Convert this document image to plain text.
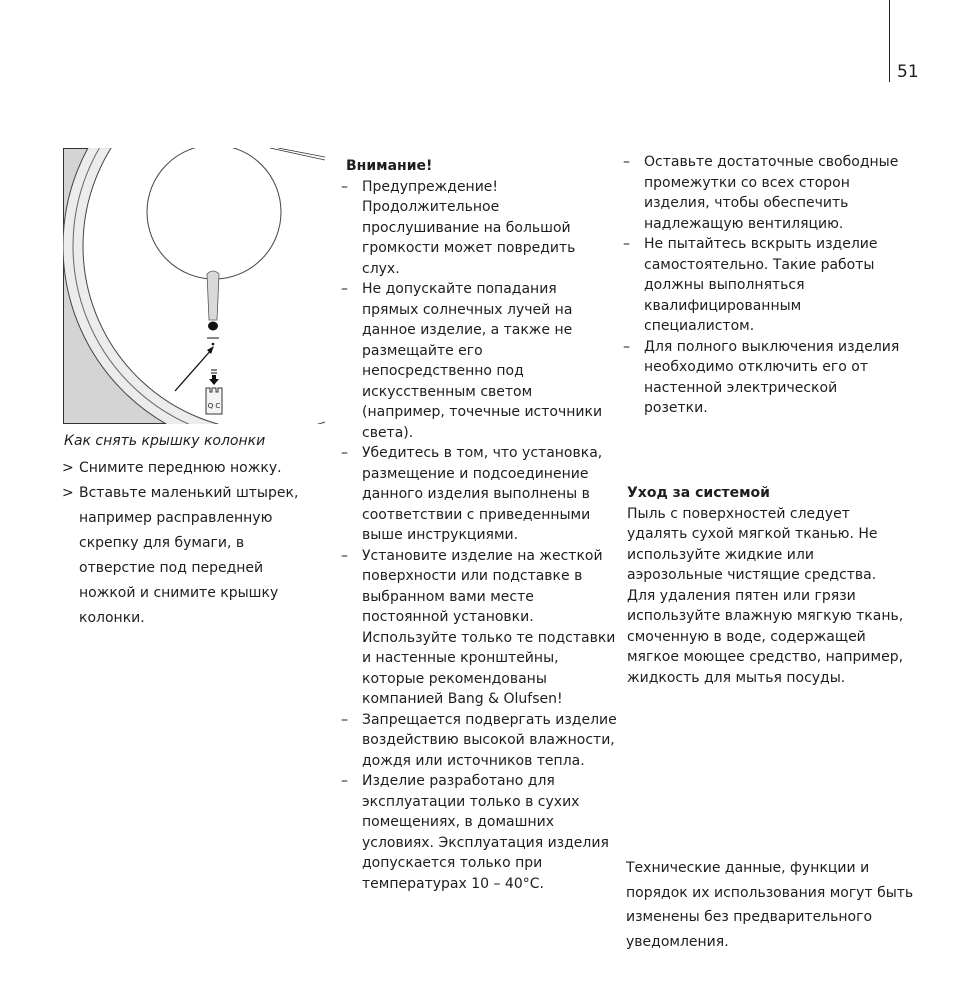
51
Q C
Как снять крышку колонки
> Снимите переднюю ножку.
> Вставьте маленький штырек, например расправленную скрепку для бумаги, в отверстие под передней ножкой и снимите крышку колонки.
Внимание!
– Предупреждение! Продолжительное прослушивание на большой громкости может повредить слух.
– Не допускайте попадания прямых солнечных лучей на данное изделие, а также не размещайте его непосредственно под искусственным светом (например, точечные источники света).
– Убедитесь в том, что установка, размещение и подсоединение данного изделия выполнены в соответствии с приведенными выше инструкциями.
– Установите изделие на жесткой поверхности или подставке в выбранном вами месте постоянной установки. Используйте только те подставки и настенные кронштейны, которые рекомендованы компанией Bang & Olufsen!
– Запрещается подвергать изделие воздействию высокой влажности, дождя или источников тепла.
– Изделие разработано для эксплуатации только в сухих помещениях, в домашних условиях. Эксплуатация изделия допускается только при температурах 10 – 40°C.
– Оставьте достаточные свободные промежутки со всех сторон изделия, чтобы обеспечить надлежащую вентиляцию.
– Не пытайтесь вскрыть изделие самостоятельно. Такие работы должны выполняться квалифицированным специалистом.
– Для полного выключения изделия необходимо отключить его от настенной электрической розетки.
Уход за системой
Пыль с поверхностей следует удалять сухой мягкой тканью. Не используйте жидкие или аэрозольные чистящие средства. Для удаления пятен или грязи используйте влажную мягкую ткань, смоченную в воде, содержащей мягкое моющее средство, например, жидкость для мытья посуды.
Технические данные, функции и порядок их использования могут быть изменены без предварительного уведомления.
